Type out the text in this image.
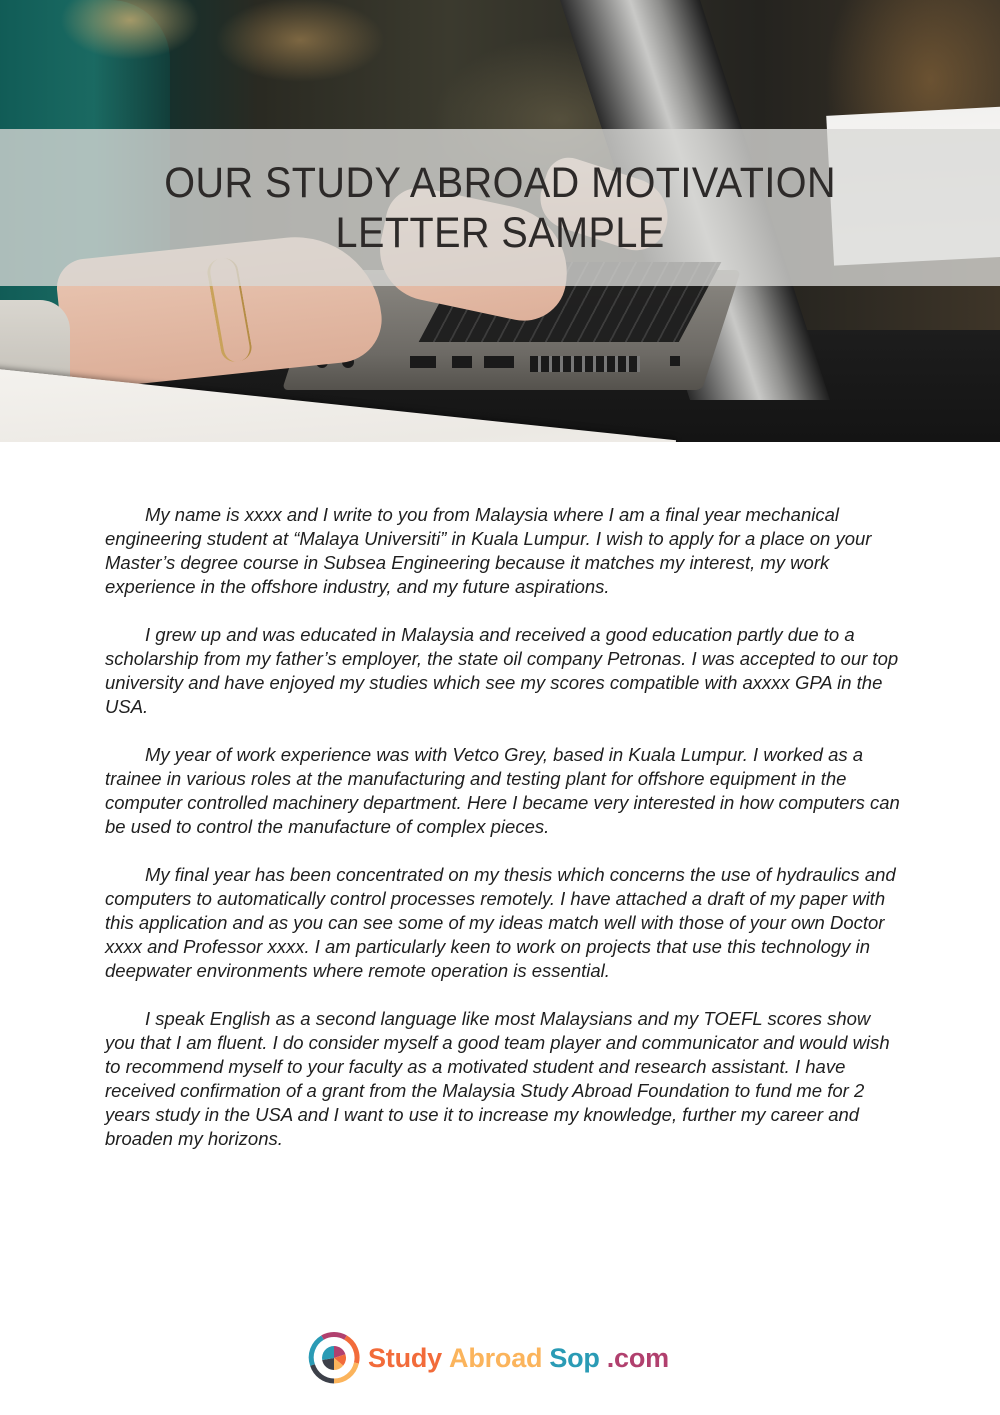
OUR STUDY ABROAD MOTIVATION
LETTER SAMPLE

My name is xxxx and I write to you from Malaysia where I am a final year mechanical engineering student at “Malaya Universiti” in Kuala Lumpur. I wish to apply for a place on your Master’s degree course in Subsea Engineering because it matches my interest, my work experience in the offshore industry, and my future aspirations.

I grew up and was educated in Malaysia and received a good education partly due to a scholarship from my father’s employer, the state oil company Petronas. I was accepted to our top university and have enjoyed my studies which see my scores compatible with axxxx GPA in the USA.

My year of work experience was with Vetco Grey, based in Kuala Lumpur. I worked as a trainee in various roles at the manufacturing and testing plant for offshore equipment in the computer controlled machinery department. Here I became very interested in how computers can be used to control the manufacture of complex pieces.

My final year has been concentrated on my thesis which concerns the use of hydraulics and computers to automatically control processes remotely. I have attached a draft of my paper with this application and as you can see some of my ideas match well with those of your own Doctor xxxx and Professor xxxx. I am particularly keen to work on projects that use this technology in deepwater environments where remote operation is essential.

I speak English as a second language like most Malaysians and my TOEFL scores show you that I am fluent. I do consider myself a good team player and communicator and would wish to recommend myself to your faculty as a motivated student and research assistant. I have received confirmation of a grant from the Malaysia Study Abroad Foundation to fund me for 2 years study in the USA and I want to use it to increase my knowledge, further my career and broaden my horizons.

Study Abroad Sop .com
